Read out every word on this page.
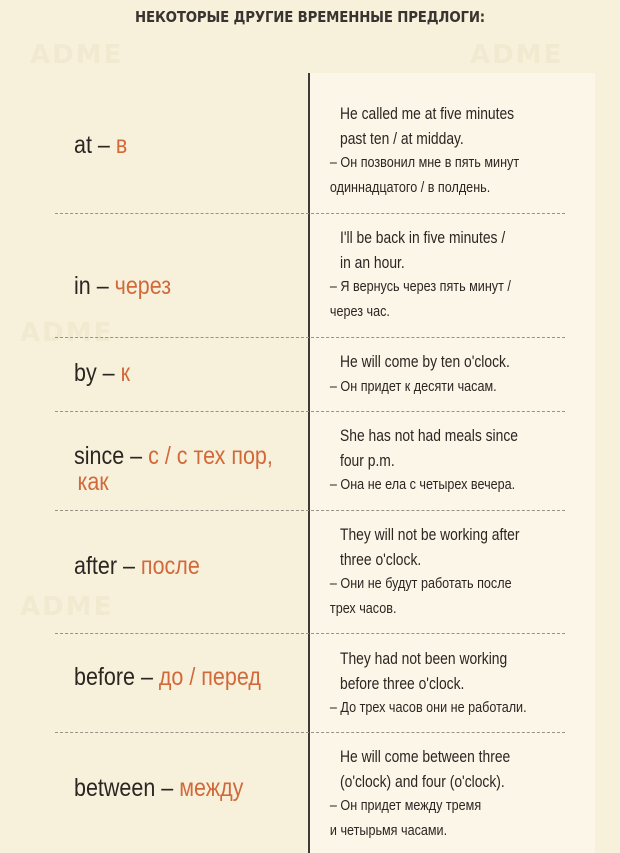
ADME	ADME
ADME
ADME
НЕКОТОРЫЕ ДРУГИЕ ВРЕМЕННЫЕ ПРЕДЛОГИ:
at – в
He called me at five minutes
past ten / at midday.
– Он позвонил мне в пять минут
одиннадцатого / в полдень.
in – через
I'll be back in five minutes /
in an hour.
– Я вернусь через пять минут /
через час.
by – к	He will come by ten o'clock.
– Он придет к десяти часам.
since – с / с тех пор,
как
She has not had meals since
four p.m.
– Она не ела с четырех вечера.
after – после
They will not be working after
three o'clock.
– Они не будут работать после
трех часов.
before – до / перед
They had not been working
before three o'clock.
– До трех часов они не работали.
between – между
He will come between three
(o'clock) and four (o'clock).
– Он придет между тремя
и четырьмя часами.
